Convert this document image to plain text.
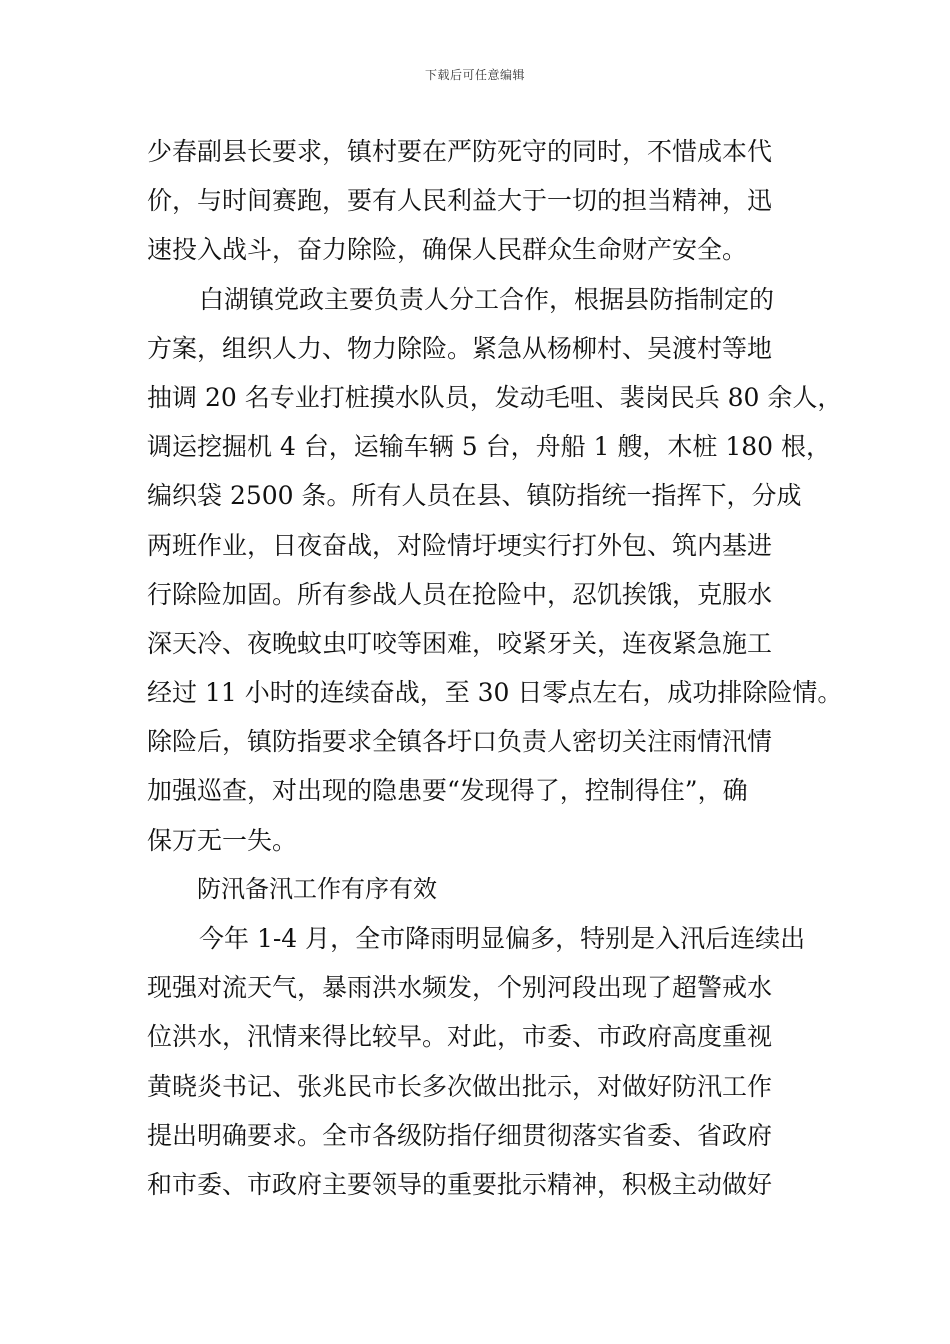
下载后可任意编辑
少春副县长要求，镇村要在严防死守的同时，不惜成本代
价，与时间赛跑，要有人民利益大于一切的担当精神，迅
速投入战斗，奋力除险，确保人民群众生命财产安全。
白湖镇党政主要负责人分工合作，根据县防指制定的
方案，组织人力、物力除险。紧急从杨柳村、吴渡村等地
抽调 20 名专业打桩摸水队员，发动毛咀、裴岗民兵 80 余人，
调运挖掘机 4 台，运输车辆 5 台，舟船 1 艘，木桩 180 根，
编织袋 2500 条。所有人员在县、镇防指统一指挥下，分成
两班作业，日夜奋战，对险情圩埂实行打外包、筑内基进
行除险加固。所有参战人员在抢险中，忍饥挨饿，克服水
深天冷、夜晚蚊虫叮咬等困难，咬紧牙关，连夜紧急施工
经过 11 小时的连续奋战，至 30 日零点左右，成功排除险情。
除险后，镇防指要求全镇各圩口负责人密切关注雨情汛情
加强巡查，对出现的隐患要“发现得了，控制得住”，确
保万无一失。
防汛备汛工作有序有效
今年 1-4 月，全市降雨明显偏多，特别是入汛后连续出
现强对流天气，暴雨洪水频发，个别河段出现了超警戒水
位洪水，汛情来得比较早。对此，市委、市政府高度重视
黄晓炎书记、张兆民市长多次做出批示，对做好防汛工作
提出明确要求。全市各级防指仔细贯彻落实省委、省政府
和市委、市政府主要领导的重要批示精神，积极主动做好
